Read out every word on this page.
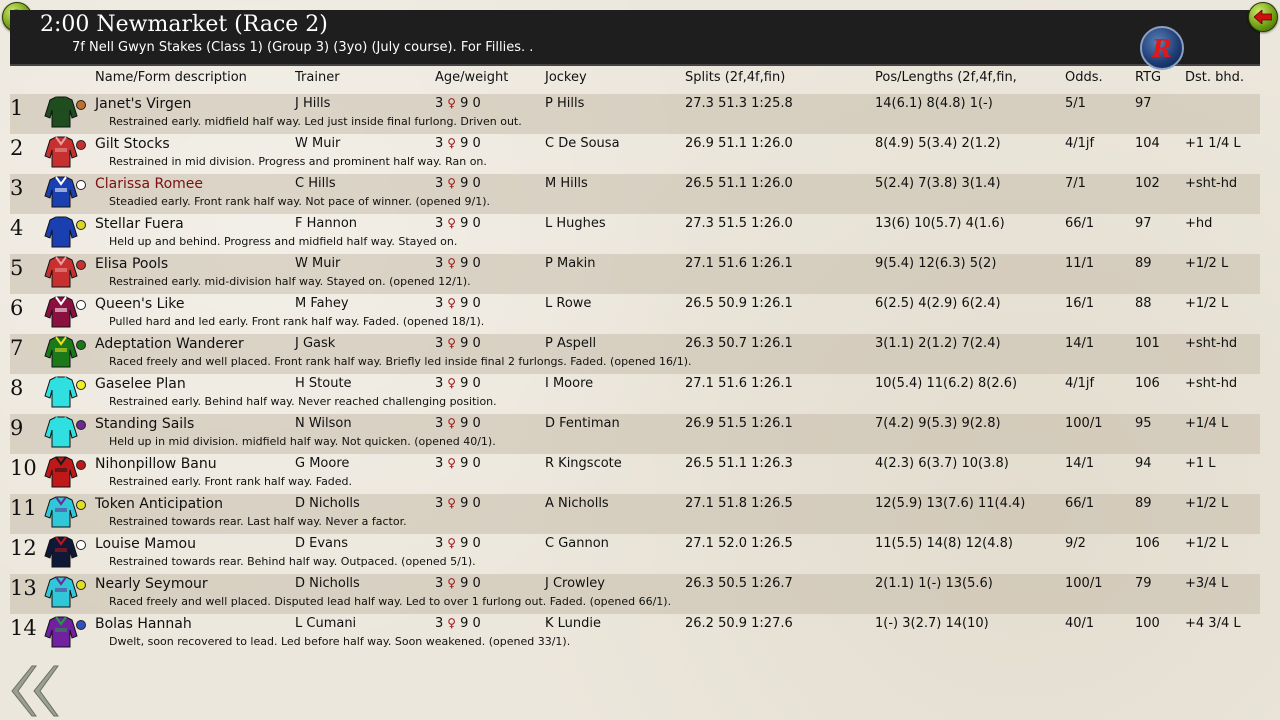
2:00 Newmarket (Race 2)
7f Nell Gwyn Stakes (Class 1) (Group 3) (3yo) (July course). For Fillies. .	R
Name/Form description	Trainer	Age/weight	Jockey	Splits (2f,4f,fin)	Pos/Lengths (2f,4f,fin,	Odds. RTG Dst. bhd.
1	Janet's Virgen	J Hills	3 ♀ 9 0	P Hills	27.3 51.3 1:25.8	14(6.1) 8(4.8) 1(-)	5/1	97
Restrained early. midfield half way. Led just inside final furlong. Driven out.
2	Gilt Stocks	W Muir	3 ♀ 9 0	C De Sousa	26.9 51.1 1:26.0	8(4.9) 5(3.4) 2(1.2)	4/1jf	104 +1 1/4 L
Restrained in mid division. Progress and prominent half way. Ran on.
3	Clarissa Romee	C Hills	3 ♀ 9 0	M Hills	26.5 51.1 1:26.0	5(2.4) 7(3.8) 3(1.4)	7/1	102 +sht-hd
Steadied early. Front rank half way. Not pace of winner. (opened 9/1).
4	Stellar Fuera	F Hannon	3 ♀ 9 0	L Hughes	27.3 51.5 1:26.0	13(6) 10(5.7) 4(1.6)	66/1	97	+hd
Held up and behind. Progress and midfield half way. Stayed on.
5	Elisa Pools	W Muir	3 ♀ 9 0	P Makin	27.1 51.6 1:26.1	9(5.4) 12(6.3) 5(2)	11/1	89	+1/2 L
Restrained early. mid-division half way. Stayed on. (opened 12/1).
6	Queen's Like	M Fahey	3 ♀ 9 0	L Rowe	26.5 50.9 1:26.1	6(2.5) 4(2.9) 6(2.4)	16/1	88	+1/2 L
Pulled hard and led early. Front rank half way. Faded. (opened 18/1).
7	Adeptation Wanderer	J Gask	3 ♀ 9 0	P Aspell	26.3 50.7 1:26.1	3(1.1) 2(1.2) 7(2.4)	14/1	101 +sht-hd
Raced freely and well placed. Front rank half way. Briefly led inside final 2 furlongs. Faded. (opened 16/1).
8	Gaselee Plan	H Stoute	3 ♀ 9 0	I Moore	27.1 51.6 1:26.1	10(5.4) 11(6.2) 8(2.6)	4/1jf	106 +sht-hd
Restrained early. Behind half way. Never reached challenging position.
9	Standing Sails	N Wilson	3 ♀ 9 0	D Fentiman	26.9 51.5 1:26.1	7(4.2) 9(5.3) 9(2.8)	100/1	95	+1/4 L
Held up in mid division. midfield half way. Not quicken. (opened 40/1).
10	Nihonpillow Banu	G Moore	3 ♀ 9 0	R Kingscote	26.5 51.1 1:26.3	4(2.3) 6(3.7) 10(3.8)	14/1	94	+1 L
Restrained early. Front rank half way. Faded.
11	Token Anticipation	D Nicholls	3 ♀ 9 0	A Nicholls	27.1 51.8 1:26.5	12(5.9) 13(7.6) 11(4.4)	66/1	89	+1/2 L
Restrained towards rear. Last half way. Never a factor.
12	Louise Mamou	D Evans	3 ♀ 9 0	C Gannon	27.1 52.0 1:26.5	11(5.5) 14(8) 12(4.8)	9/2	106 +1/2 L
Restrained towards rear. Behind half way. Outpaced. (opened 5/1).
13	Nearly Seymour	D Nicholls	3 ♀ 9 0	J Crowley	26.3 50.5 1:26.7	2(1.1) 1(-) 13(5.6)	100/1	79	+3/4 L
Raced freely and well placed. Disputed lead half way. Led to over 1 furlong out. Faded. (opened 66/1).
14	Bolas Hannah	L Cumani	3 ♀ 9 0	K Lundie	26.2 50.9 1:27.6	1(-) 3(2.7) 14(10)	40/1	100 +4 3/4 L
Dwelt, soon recovered to lead. Led before half way. Soon weakened. (opened 33/1).
